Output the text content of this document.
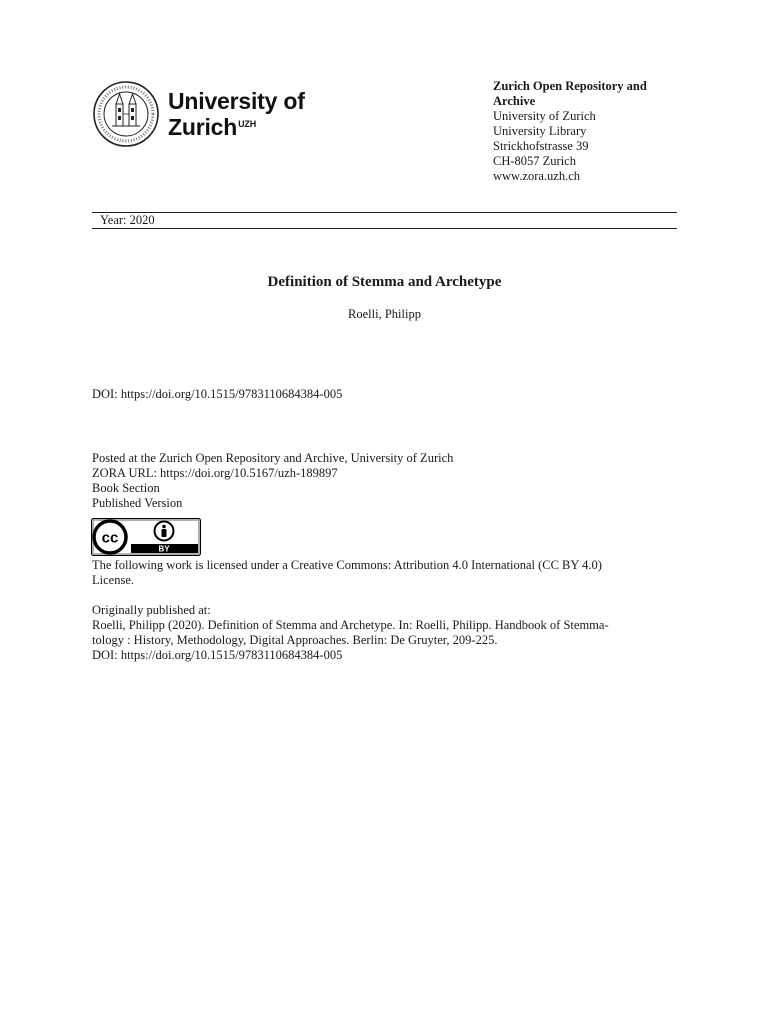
University of
Zurich$^{UZH}$
Zurich Open Repository and
Archive
University of Zurich
University Library
Strickhofstrasse 39
CH-8057 Zurich
www.zora.uzh.ch
Year: 2020
Definition of Stemma and Archetype
Roelli, Philipp
DOI: https://doi.org/10.1515/9783110684384-005
Posted at the Zurich Open Repository and Archive, University of Zurich
ZORA URL: https://doi.org/10.5167/uzh-189897
Book Section
Published Version
cc
BY
The following work is licensed under a Creative Commons: Attribution 4.0 International (CC BY 4.0)
License.
Originally published at:
Roelli, Philipp (2020). Definition of Stemma and Archetype. In: Roelli, Philipp. Handbook of Stemma-
tology : History, Methodology, Digital Approaches. Berlin: De Gruyter, 209-225.
DOI: https://doi.org/10.1515/9783110684384-005
